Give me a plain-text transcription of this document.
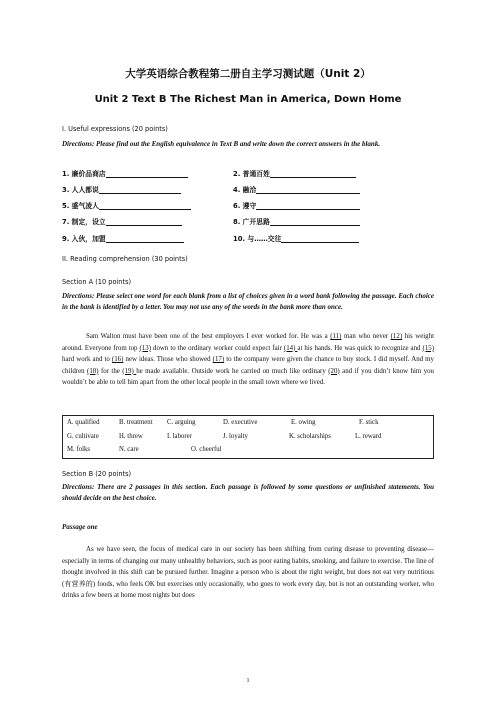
大学英语综合教程第二册自主学习测试题（Unit 2）
Unit 2 Text B The Richest Man in America, Down Home
I. Useful expressions (20 points)
Directions: Please find out the English equivalence in Text B and write down the correct answers in the blank.
1. 廉价品商店	2. 普通百姓
3. 人人都说	4. 融洽
5. 盛气凌人	6. 遵守
7. 制定，设立	8. 广开思路
9. 入伙，加盟	10. 与……交往
II. Reading comprehension (30 points)
Section A (10 points)
Directions: Please select one word for each blank from a list of choices given in a word bank following the passage. Each choice in the bank is identified by a letter. You may not use any of the words in the bank more than once.

Sam Walton must have been one of the best employers I ever worked for. He was a (11) man who never (12) his weight around. Everyone from top (13) down to the ordinary worker could expect fair (14) at his hands. He was quick to recognize and (15) hard work and to (16) new ideas. Those who showed (17) to the company were given the chance to buy stock. I did myself. And my children (18) for the (19) he made available. Outside work he carried on much like ordinary (20) and if you didn’t know him you wouldn’t be able to tell him apart from the other local people in the small town where we lived.

A. qualified	B. treatment C. arguing	D. executive	E. owing	F. stick
G. cultivate	H. threw	I. laborer	J. loyalty	K. scholarships	L. reward
M. folks	N. care	O. cheerful
Section B (20 points)
Directions: There are 2 passages in this section. Each passage is followed by some questions or unfinished statements. You should decide on the best choice.
Passage one

As we have seen, the focus of medical care in our society has been shifting from curing disease to preventing disease—especially in terms of changing our many unhealthy behaviors, such as poor eating habits, smoking, and failure to exercise. The line of thought involved in this shift can be pursued further. Imagine a person who is about the right weight, but does not eat very nutritious (有营养的) foods, who feels OK but exercises only occasionally, who goes to work every day, but is not an outstanding worker, who drinks a few beers at home most nights but does

1
